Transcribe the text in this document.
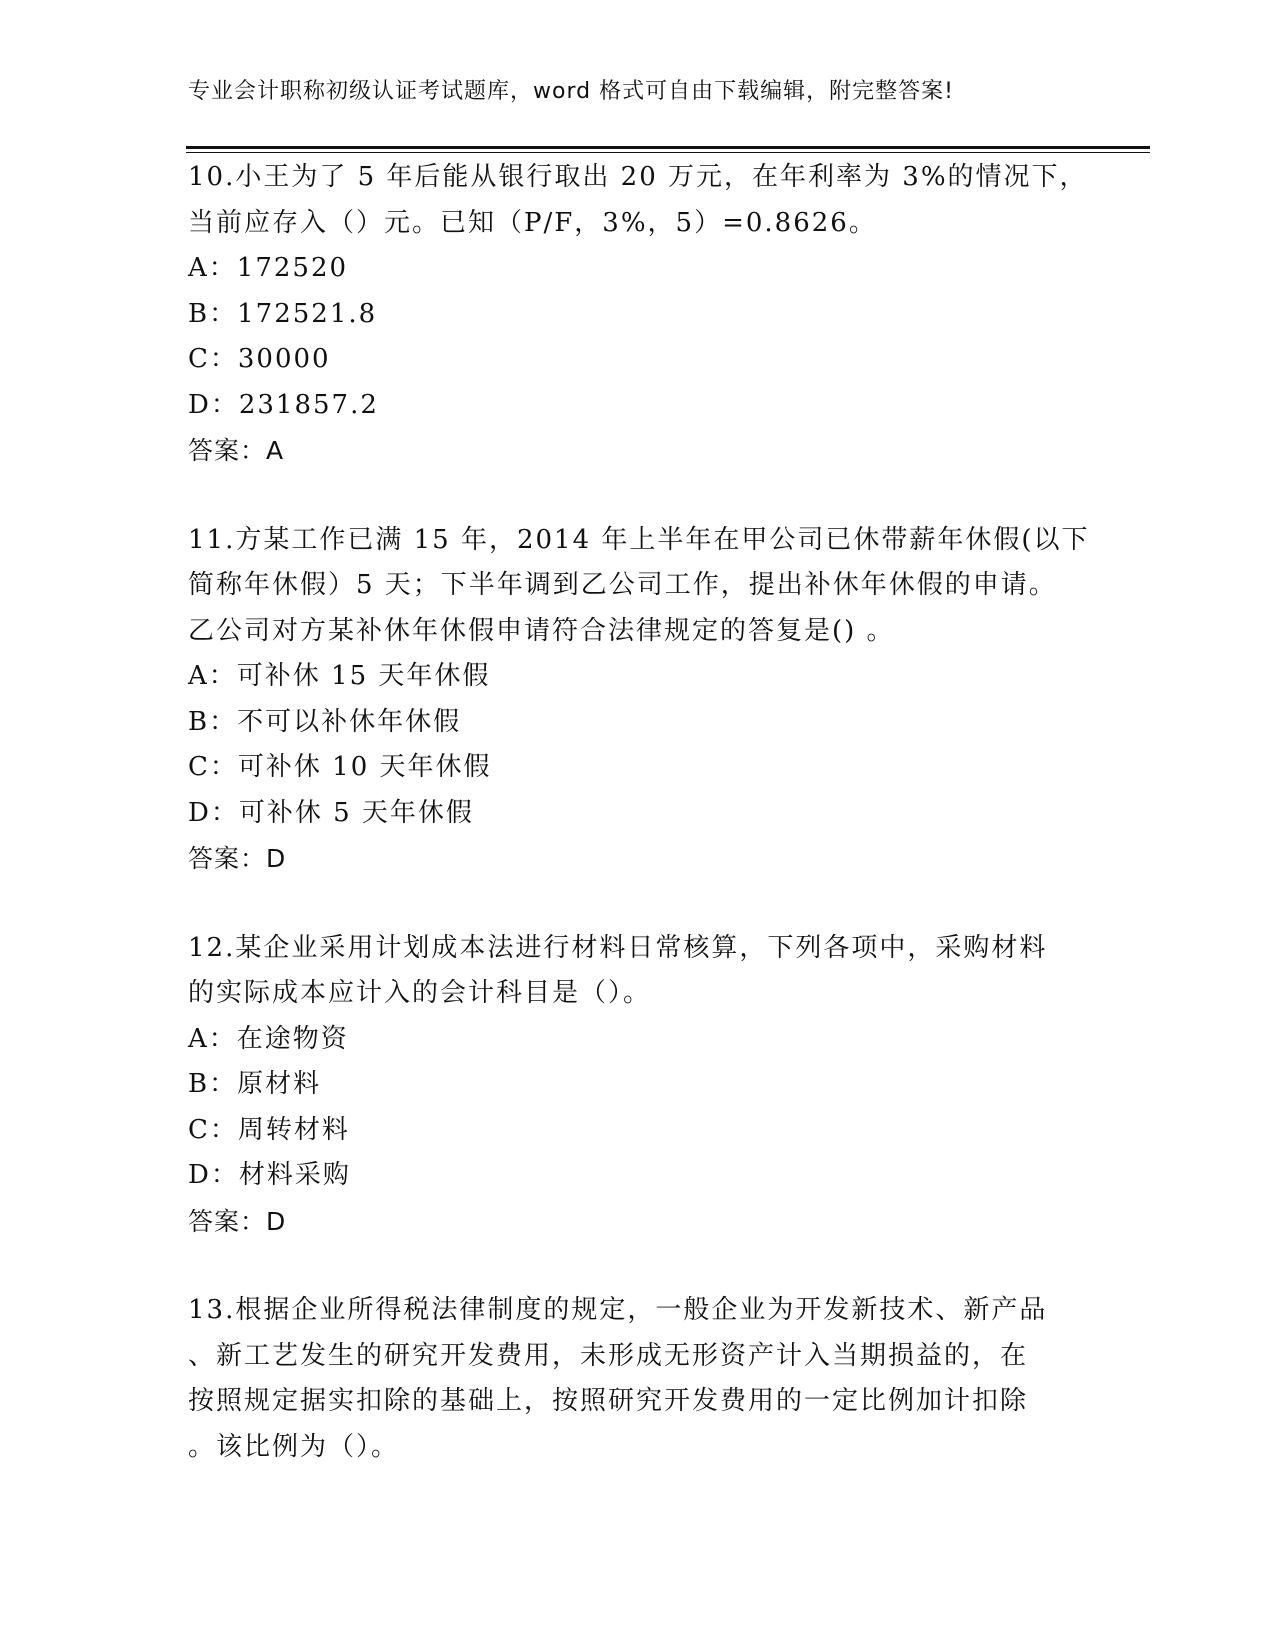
专业会计职称初级认证考试题库，word 格式可自由下载编辑，附完整答案!
10.小王为了 5 年后能从银行取出 20 万元，在年利率为 3%的情况下，
当前应存入（）元。已知（P/F，3%，5）=0.8626。
A：172520
B：172521.8
C：30000
D：231857.2
答案：A
11.方某工作已满 15 年，2014 年上半年在甲公司已休带薪年休假(以下
简称年休假）5 天；下半年调到乙公司工作，提出补休年休假的申请。
乙公司对方某补休年休假申请符合法律规定的答复是() 。
A：可补休 15 天年休假
B：不可以补休年休假
C：可补休 10 天年休假
D：可补休 5 天年休假
答案：D
12.某企业采用计划成本法进行材料日常核算，下列各项中，采购材料
的实际成本应计入的会计科目是（）。
A：在途物资
B：原材料
C：周转材料
D：材料采购
答案：D
13.根据企业所得税法律制度的规定，一般企业为开发新技术、新产品
、新工艺发生的研究开发费用，未形成无形资产计入当期损益的，在
按照规定据实扣除的基础上，按照研究开发费用的一定比例加计扣除
。该比例为（）。
